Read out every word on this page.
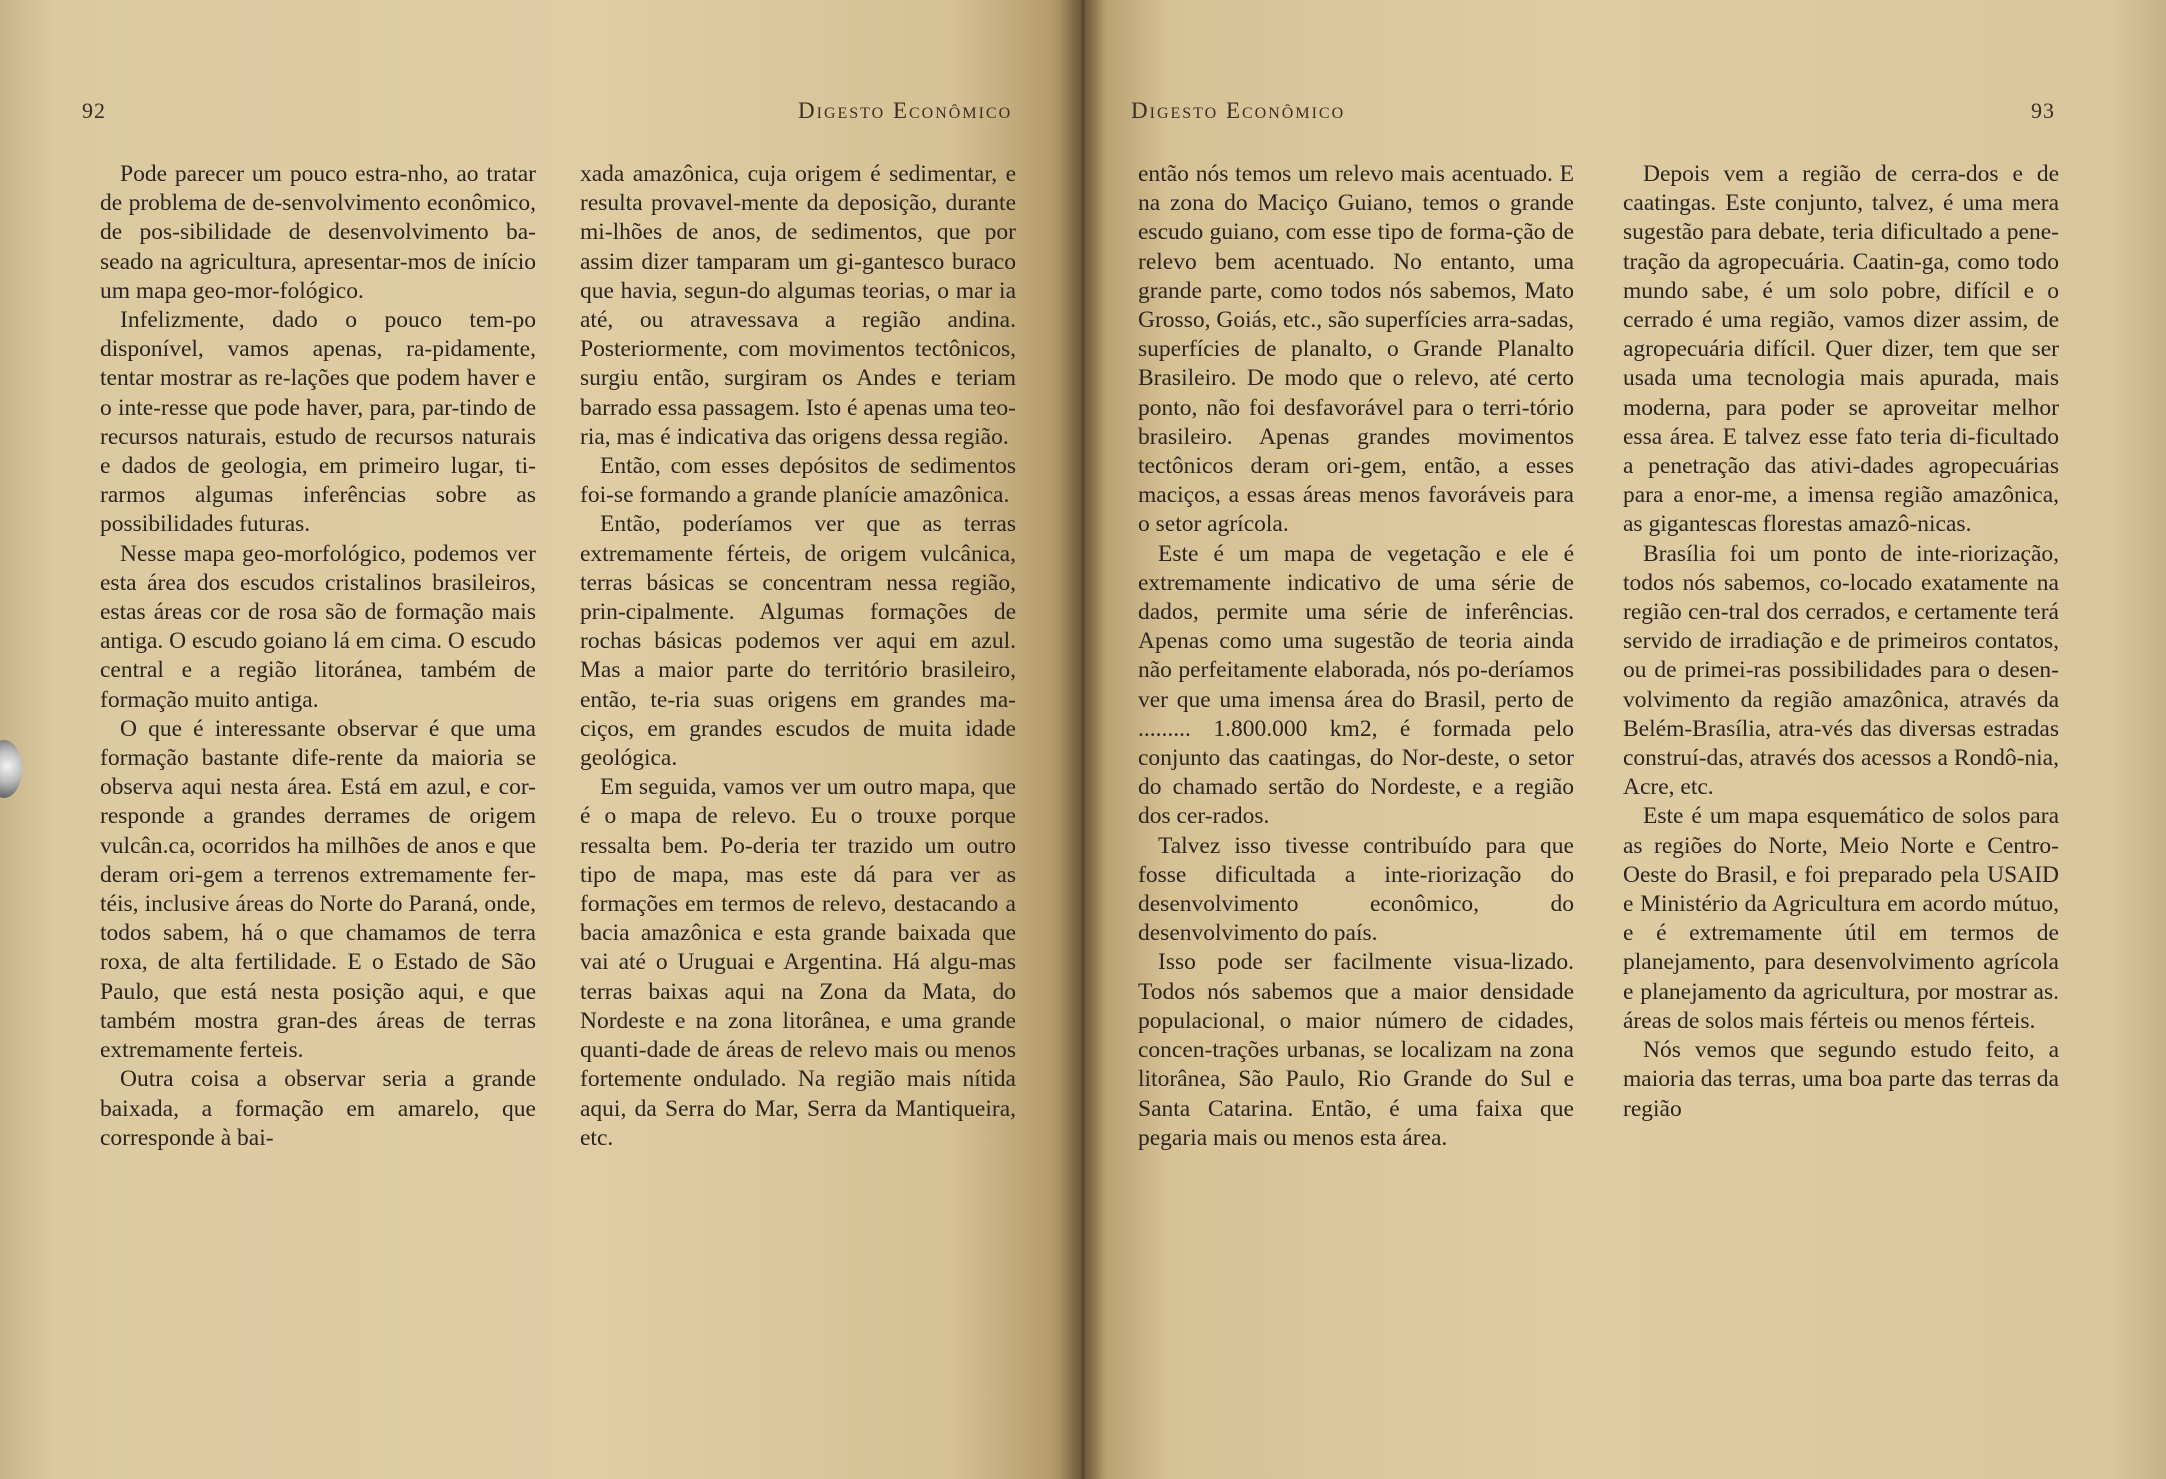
92	Digesto Econômico

Pode parecer um pouco estra-nho, ao tratar de problema de de-senvolvimento econômico, de pos-sibilidade de desenvolvimento ba-seado na agricultura, apresentar-mos de início um mapa geo-mor-fológico.

Infelizmente, dado o pouco tem-po disponível, vamos apenas, ra-pidamente, tentar mostrar as re-lações que podem haver e o inte-resse que pode haver, para, par-tindo de recursos naturais, estudo de recursos naturais e dados de geologia, em primeiro lugar, ti-rarmos algumas inferências sobre as possibilidades futuras.

Nesse mapa geo-morfológico, podemos ver esta área dos escudos cristalinos brasileiros, estas áreas cor de rosa são de formação mais antiga. O escudo goiano lá em cima. O escudo central e a região litoránea, também de formação muito antiga.

O que é interessante observar é que uma formação bastante dife-rente da maioria se observa aqui nesta área. Está em azul, e cor-responde a grandes derrames de origem vulcân.ca, ocorridos ha milhões de anos e que deram ori-gem a terrenos extremamente fer-téis, inclusive áreas do Norte do Paraná, onde, todos sabem, há o que chamamos de terra roxa, de alta fertilidade. E o Estado de São Paulo, que está nesta posição aqui, e que também mostra gran-des áreas de terras extremamente ferteis.

Outra coisa a observar seria a grande baixada, a formação em amarelo, que corresponde à bai-

xada amazônica, cuja origem é sedimentar, e resulta provavel-mente da deposição, durante mi-lhões de anos, de sedimentos, que por assim dizer tamparam um gi-gantesco buraco que havia, segun-do algumas teorias, o mar ia até, ou atravessava a região andina. Posteriormente, com movimentos tectônicos, surgiu então, surgiram os Andes e teriam barrado essa passagem. Isto é apenas uma teo-ria, mas é indicativa das origens dessa região.

Então, com esses depósitos de sedimentos foi-se formando a grande planície amazônica.

Então, poderíamos ver que as terras extremamente férteis, de origem vulcânica, terras básicas se concentram nessa região, prin-cipalmente. Algumas formações de rochas básicas podemos ver aqui em azul. Mas a maior parte do território brasileiro, então, te-ria suas origens em grandes ma-ciços, em grandes escudos de muita idade geológica.

Em seguida, vamos ver um outro mapa, que é o mapa de relevo. Eu o trouxe porque ressalta bem. Po-deria ter trazido um outro tipo de mapa, mas este dá para ver as formações em termos de relevo, destacando a bacia amazônica e esta grande baixada que vai até o Uruguai e Argentina. Há algu-mas terras baixas aqui na Zona da Mata, do Nordeste e na zona litorânea, e uma grande quanti-dade de áreas de relevo mais ou menos fortemente ondulado. Na região mais nítida aqui, da Serra do Mar, Serra da Mantiqueira, etc.

Digesto Econômico	93

então nós temos um relevo mais acentuado. E na zona do Maciço Guiano, temos o grande escudo guiano, com esse tipo de forma-ção de relevo bem acentuado. No entanto, uma grande parte, como todos nós sabemos, Mato Grosso, Goiás, etc., são superfícies arra-sadas, superfícies de planalto, o Grande Planalto Brasileiro. De modo que o relevo, até certo ponto, não foi desfavorável para o terri-tório brasileiro. Apenas grandes movimentos tectônicos deram ori-gem, então, a esses maciços, a essas áreas menos favoráveis para o setor agrícola.

Este é um mapa de vegetação e ele é extremamente indicativo de uma série de dados, permite uma série de inferências. Apenas como uma sugestão de teoria ainda não perfeitamente elaborada, nós po-deríamos ver que uma imensa área do Brasil, perto de ......... 1.800.000 km2, é formada pelo conjunto das caatingas, do Nor-deste, o setor do chamado sertão do Nordeste, e a região dos cer-rados.

Talvez isso tivesse contribuído para que fosse dificultada a inte-riorização do desenvolvimento econômico, do desenvolvimento do país.

Isso pode ser facilmente visua-lizado. Todos nós sabemos que a maior densidade populacional, o maior número de cidades, concen-trações urbanas, se localizam na zona litorânea, São Paulo, Rio Grande do Sul e Santa Catarina. Então, é uma faixa que pegaria mais ou menos esta área.

Depois vem a região de cerra-dos e de caatingas. Este conjunto, talvez, é uma mera sugestão para debate, teria dificultado a pene-tração da agropecuária. Caatin-ga, como todo mundo sabe, é um solo pobre, difícil e o cerrado é uma região, vamos dizer assim, de agropecuária difícil. Quer dizer, tem que ser usada uma tecnologia mais apurada, mais moderna, para poder se aproveitar melhor essa área. E talvez esse fato teria di-ficultado a penetração das ativi-dades agropecuárias para a enor-me, a imensa região amazônica, as gigantescas florestas amazô-nicas.

Brasília foi um ponto de inte-riorização, todos nós sabemos, co-locado exatamente na região cen-tral dos cerrados, e certamente terá servido de irradiação e de primeiros contatos, ou de primei-ras possibilidades para o desen-volvimento da região amazônica, através da Belém-Brasília, atra-vés das diversas estradas construí-das, através dos acessos a Rondô-nia, Acre, etc.

Este é um mapa esquemático de solos para as regiões do Norte, Meio Norte e Centro-Oeste do Brasil, e foi preparado pela USAID e Ministério da Agricultura em acordo mútuo, e é extremamente útil em termos de planejamento, para desenvolvimento agrícola e planejamento da agricultura, por mostrar as. áreas de solos mais férteis ou menos férteis.

Nós vemos que segundo estudo feito, a maioria das terras, uma boa parte das terras da região
